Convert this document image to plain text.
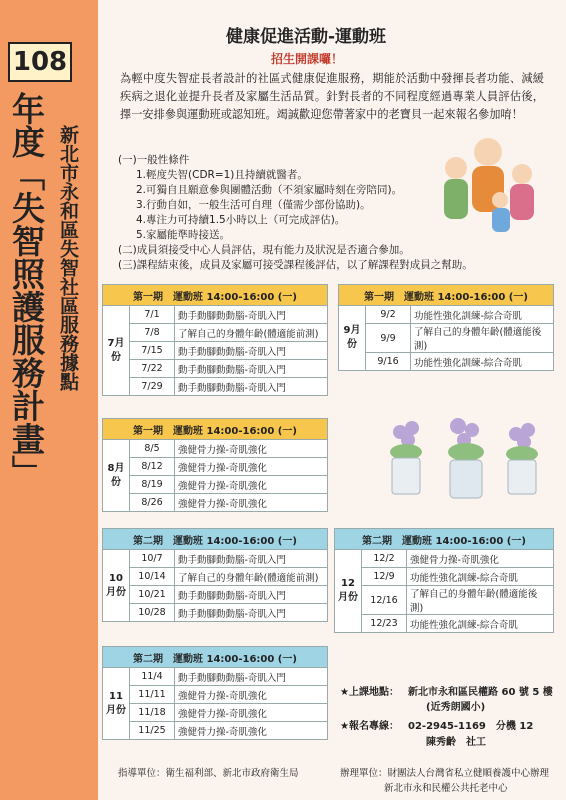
108
年度「失智照護服務計畫」 新北市永和區失智社區服務據點
健康促進活動-運動班
招生開課囉！
為輕中度失智症長者設計的社區式健康促進服務，期能於活動中發揮長者功能、減緩疾病之退化並提升長者及家屬生活品質。針對長者的不同程度經過專業人員評估後，擇一安排參與運動班或認知班。竭誠歡迎您帶著家中的老寶貝一起來報名參加唷！
(一)一般性條件
1.輕度失智(CDR=1)且持續就醫者。
2.可獨自且願意參與團體活動（不須家屬時刻在旁陪同)。
3.行動自如，一般生活可自理（僅需少部份協助)。
4.專注力可持續1.5小時以上（可完成評估)。
5.家屬能準時接送。
(二)成員須接受中心人員評估，現有能力及狀況是否適合參加。
(三)課程結束後，成員及家屬可接受課程後評估，以了解課程對成員之幫助。
第一期　運動班 14:00-16:00 (一)		
7月份	7/1	動手動腳動動腦-奇肌入門
	7/8	了解自己的身體年齡(體適能前測)
	7/15	動手動腳動動腦-奇肌入門
	7/22	動手動腳動動腦-奇肌入門
	7/29	動手動腳動動腦-奇肌入門
第一期　運動班 14:00-16:00 (一)		
9月份	9/2	功能性強化訓練-綜合奇肌
	9/9	了解自己的身體年齡(體適能後測)
	9/16	功能性強化訓練-綜合奇肌
第一期　運動班 14:00-16:00 (一)		
8月份	8/5	強健骨力操-奇肌強化
	8/12	強健骨力操-奇肌強化
	8/19	強健骨力操-奇肌強化
	8/26	強健骨力操-奇肌強化
第二期　運動班 14:00-16:00 (一)		
10月份	10/7	動手動腳動動腦-奇肌入門
	10/14	了解自己的身體年齡(體適能前測)
	10/21	動手動腳動動腦-奇肌入門
	10/28	動手動腳動動腦-奇肌入門
第二期　運動班 14:00-16:00 (一)		
12月份	12/2	強健骨力操-奇肌強化
	12/9	功能性強化訓練-綜合奇肌
	12/16	了解自己的身體年齡(體適能後測)
	12/23	功能性強化訓練-綜合奇肌
第二期　運動班 14:00-16:00 (一)		
11月份	11/4	動手動腳動動腦-奇肌入門
	11/11	強健骨力操-奇肌強化
	11/18	強健骨力操-奇肌強化
	11/25	強健骨力操-奇肌強化
★上課地點： 新北市永和區民權路 60 號 5 樓
(近秀朗國小)
★報名專線： 02-2945-1169　分機 12
陳秀齡　社工
指導單位：衛生福利部、新北市政府衛生局	辦理單位：財團法人台灣省私立健順養護中心辦理
新北市永和民權公共托老中心
